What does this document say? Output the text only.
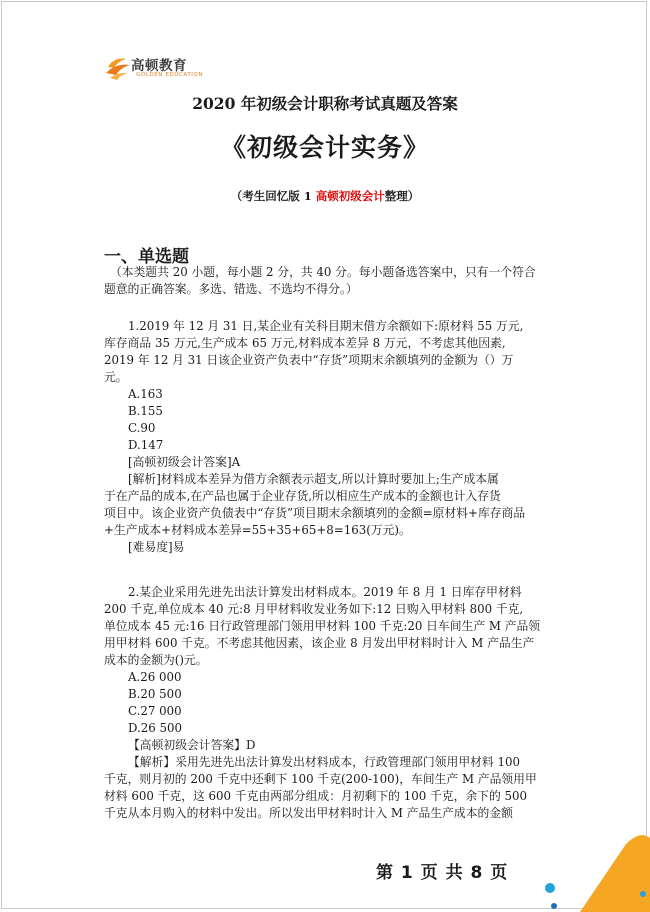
高顿教育
GOLDEN EDUCATION
2020 年初级会计职称考试真题及答案
《初级会计实务》
（考生回忆版 1 高顿初级会计整理）
一、单选题
（本类题共 20 小题，每小题 2 分，共 40 分。每小题备选答案中，只有一个符合
题意的正确答案。多选、错选、不选均不得分。）
1.2019 年 12 月 31 日,某企业有关科目期末借方余额如下:原材料 55 万元,
库存商品 35 万元,生产成本 65 万元,材料成本差异 8 万元，不考虑其他因素,
2019 年 12 月 31 日该企业资产负表中“存货”项期末余额填列的金额为（）万
元。
A.163
B.155
C.90
D.147
[高顿初级会计答案]A
[解析]材料成本差异为借方余额表示超支,所以计算时要加上;生产成本属
于在产品的成本,在产品也属于企业存货,所以相应生产成本的金额也计入存货
项目中。该企业资产负债表中“存货”项目期末余额填列的金额=原材料+库存商品
+生产成本+材料成本差异=55+35+65+8=163(万元)。
[难易度]易
2.某企业采用先进先出法计算发出材料成本。2019 年 8 月 1 日库存甲材料
200 千克,单位成本 40 元:8 月甲材料收发业务如下:12 日购入甲材料 800 千克,
单位成本 45 元:16 日行政管理部门领用甲材料 100 千克:20 日车间生产 M 产品领
用甲材料 600 千克。不考虑其他因素，该企业 8 月发出甲材料时计入 M 产品生产
成本的金额为()元。
A.26 000
B.20 500
C.27 000
D.26 500
【高顿初级会计答案】D
【解析】采用先进先出法计算发出材料成本，行政管理部门领用甲材料 100
千克，则月初的 200 千克中还剩下 100 千克(200-100)，车间生产 M 产品领用甲
材料 600 千克，这 600 千克由两部分组成：月初剩下的 100 千克，余下的 500
千克从本月购入的材料中发出。所以发出甲材料时计入 M 产品生产成本的金额
第 1 页 共 8 页
